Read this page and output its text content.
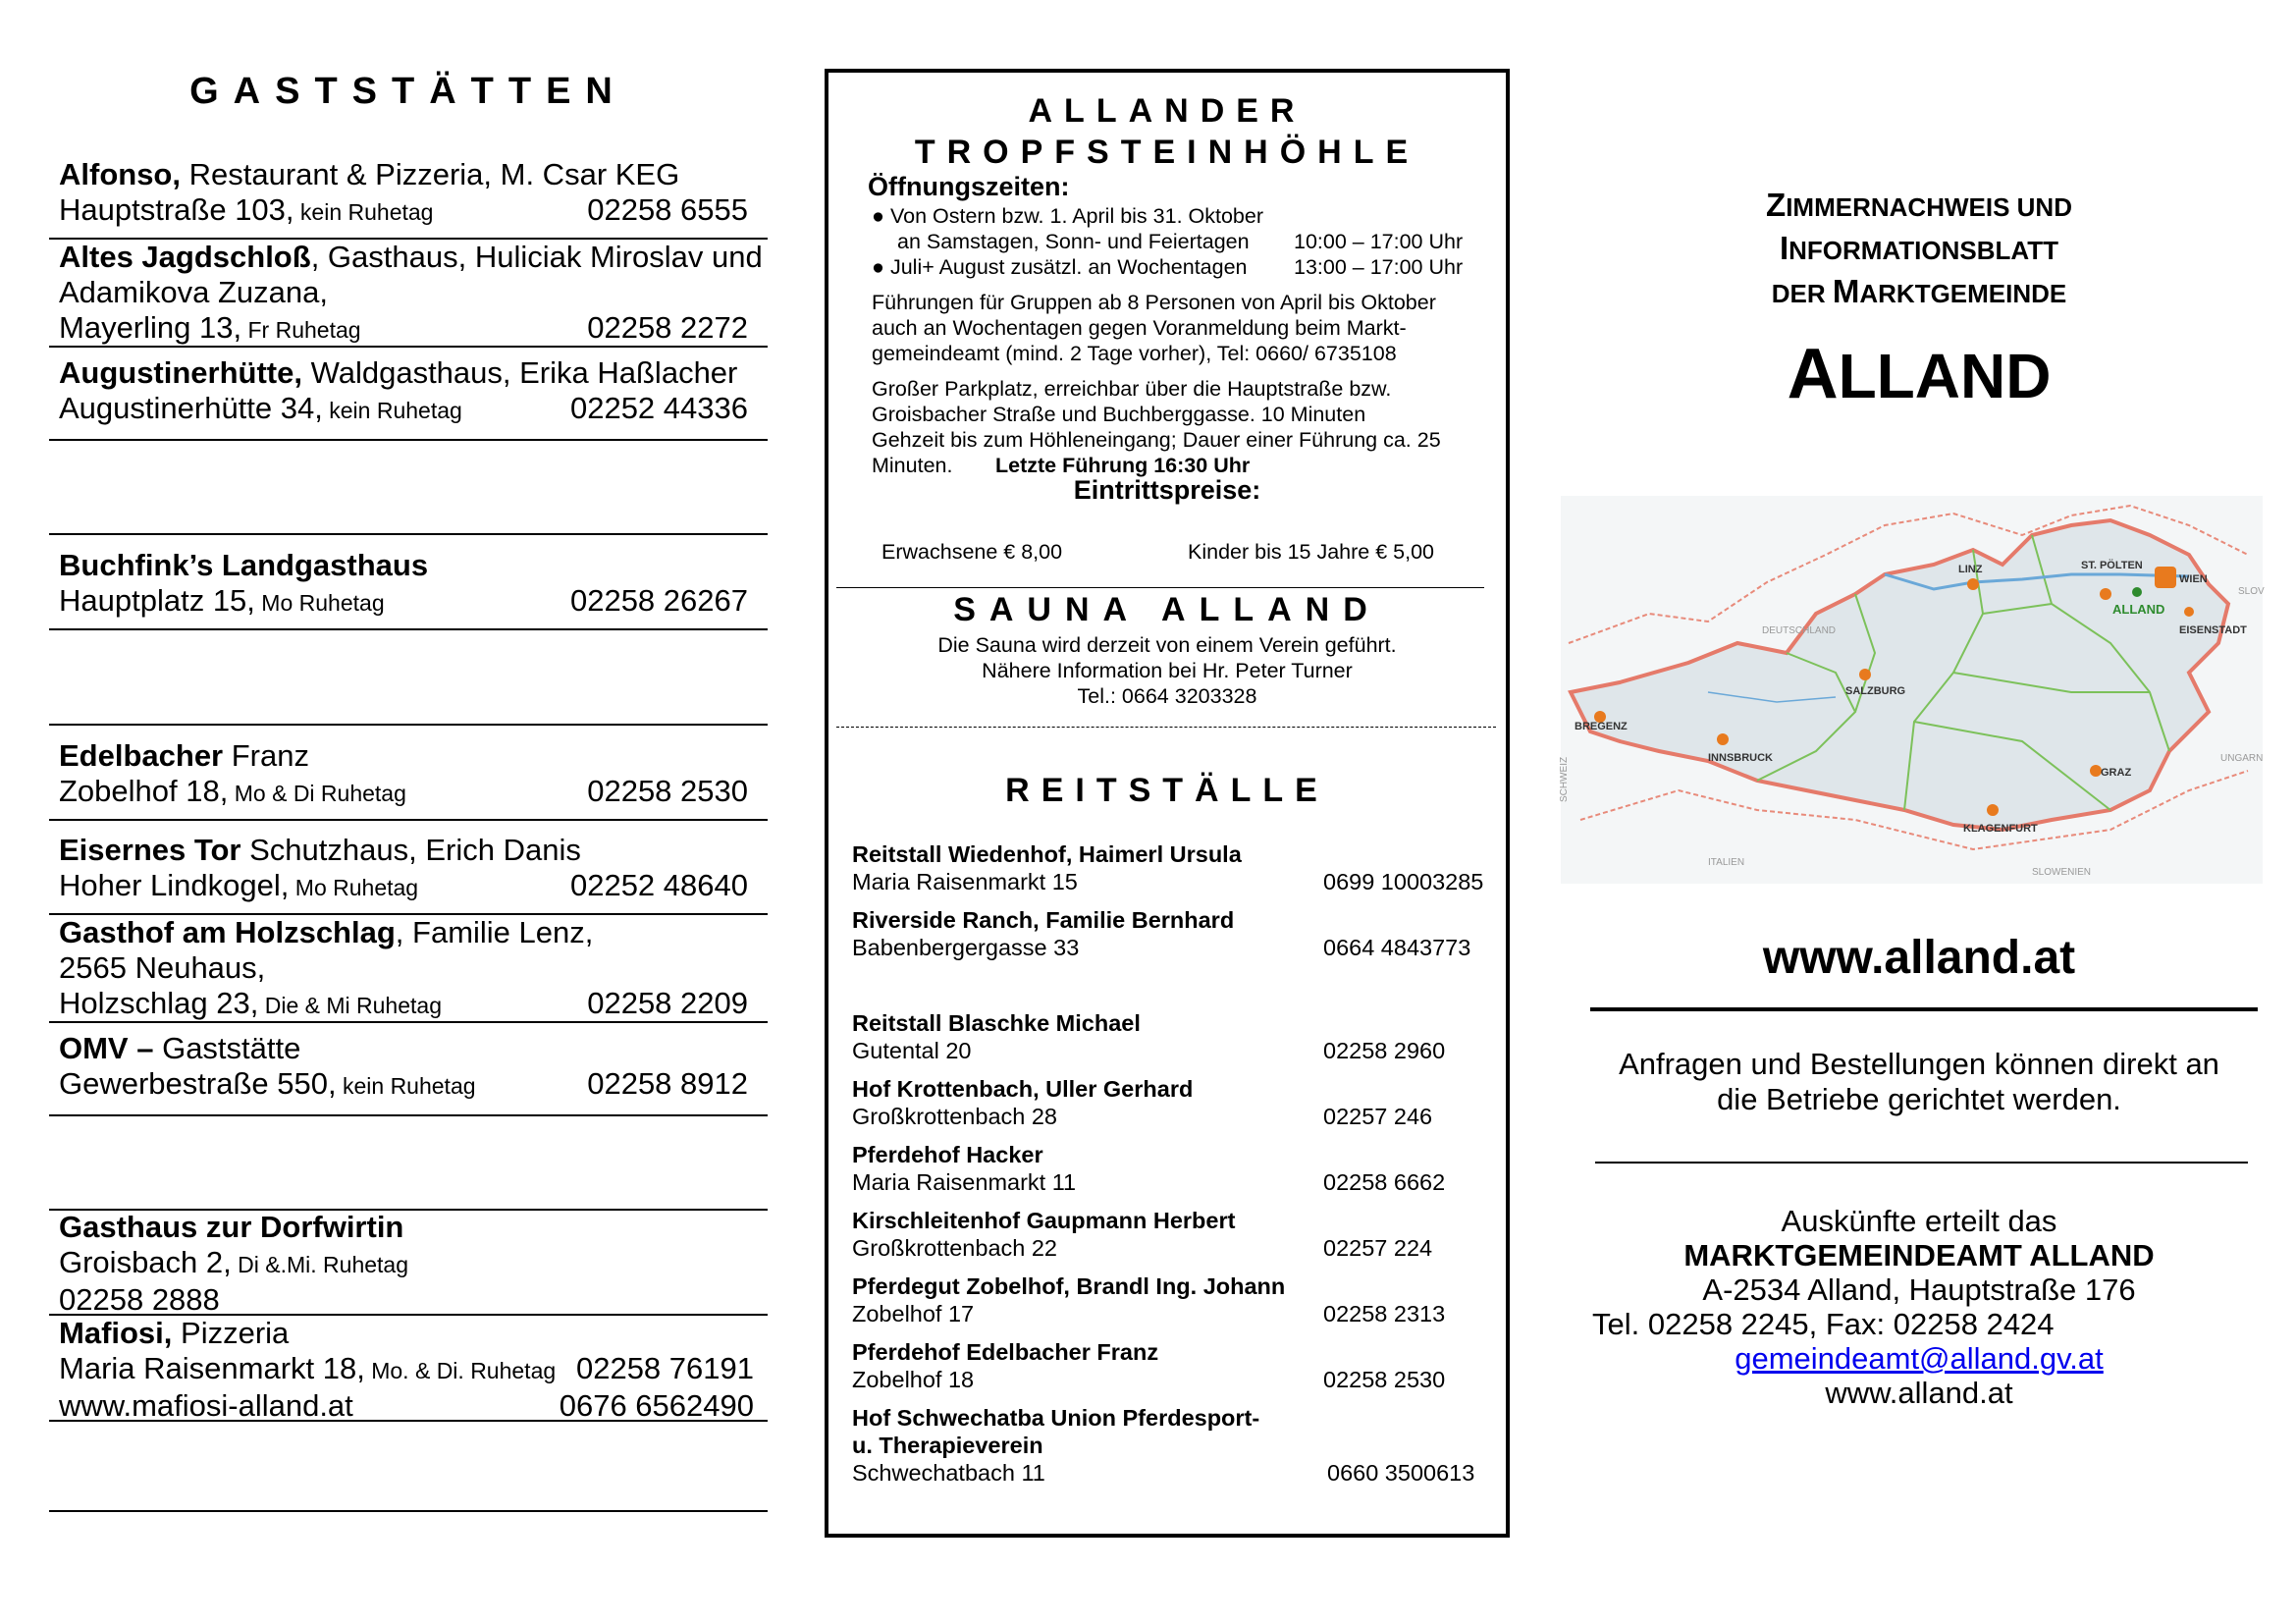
GASTSTÄTTEN
Alfonso, Restaurant & Pizzeria, M. Csar KEG
Hauptstraße 103, kein Ruhetag	02258 6555
Altes Jagdschloß, Gasthaus, Huliciak Miroslav und
Adamikova Zuzana,
Mayerling 13, Fr Ruhetag	02258 2272
Augustinerhütte, Waldgasthaus, Erika Haßlacher
Augustinerhütte 34, kein Ruhetag	02252 44336
Buchfink’s Landgasthaus
Hauptplatz 15, Mo Ruhetag	02258 26267
Edelbacher Franz
Zobelhof 18, Mo & Di Ruhetag	02258 2530
Eisernes Tor Schutzhaus, Erich Danis
Hoher Lindkogel, Mo Ruhetag	02252 48640
Gasthof am Holzschlag, Familie Lenz,
2565 Neuhaus,
Holzschlag 23, Die & Mi Ruhetag	02258 2209
OMV – Gaststätte
Gewerbestraße 550, kein Ruhetag	02258 8912
Gasthaus zur Dorfwirtin
Groisbach 2, Di &.Mi. Ruhetag
02258 2888
Mafiosi, Pizzeria
Maria Raisenmarkt 18, Mo. & Di. Ruhetag 02258 76191
www.mafiosi-alland.at	0676 6562490
ALLANDER
TROPFSTEINHÖHLE
Öffnungszeiten:
● Von Ostern bzw. 1. April bis 31. Oktober
an Samstagen, Sonn- und Feiertagen 10:00 – 17:00 Uhr
● Juli+ August zusätzl. an Wochentagen 13:00 – 17:00 Uhr
Führungen für Gruppen ab 8 Personen von April bis Oktober
auch an Wochentagen gegen Voranmeldung beim Markt-
gemeindeamt (mind. 2 Tage vorher), Tel: 0660/ 6735108
Großer Parkplatz, erreichbar über die Hauptstraße bzw.
Groisbacher Straße und Buchberggasse. 10 Minuten
Gehzeit bis zum Höhleneingang; Dauer einer Führung ca. 25
Minuten. Letzte Führung 16:30 Uhr
Eintrittspreise:
Erwachsene € 8,00	Kinder bis 15 Jahre € 5,00
SAUNA ALLAND
Die Sauna wird derzeit von einem Verein geführt.
Nähere Information bei Hr. Peter Turner
Tel.: 0664 3203328
REITSTÄLLE
Reitstall Wiedenhof, Haimerl Ursula
Maria Raisenmarkt 15	0699 10003285
Riverside Ranch, Familie Bernhard
Babenbergergasse 33	0664 4843773
Reitstall Blaschke Michael
Gutental 20	02258 2960
Hof Krottenbach, Uller Gerhard
Großkrottenbach 28	02257 246
Pferdehof Hacker
Maria Raisenmarkt 11	02258 6662
Kirschleitenhof Gaupmann Herbert
Großkrottenbach 22	02257 224
Pferdegut Zobelhof, Brandl Ing. Johann
Zobelhof 17	02258 2313
Pferdehof Edelbacher Franz
Zobelhof 18	02258 2530
Hof Schwechatba Union Pferdesport-
u. Therapieverein
Schwechatbach 11	0660 3500613
ZIMMERNACHWEIS UND
INFORMATIONSBLATT
DER MARKTGEMEINDE
ALLAND
LINZ	ST. PÖLTEN
WIEN
ALLAND
EISENSTADT
SALZBURG
BREGENZ
INNSBRUCK
GRAZ
KLAGENFURT
DEUTSCHLAND
ITALIEN
SLOWENIEN
UNGARN
SLOV
SCHWEIZ
www.alland.at
Anfragen und Bestellungen können direkt an
die Betriebe gerichtet werden.
Auskünfte erteilt das
MARKTGEMEINDEAMT ALLAND
A-2534 Alland, Hauptstraße 176
Tel. 02258 2245, Fax: 02258 2424
gemeindeamt@alland.gv.at
www.alland.at
